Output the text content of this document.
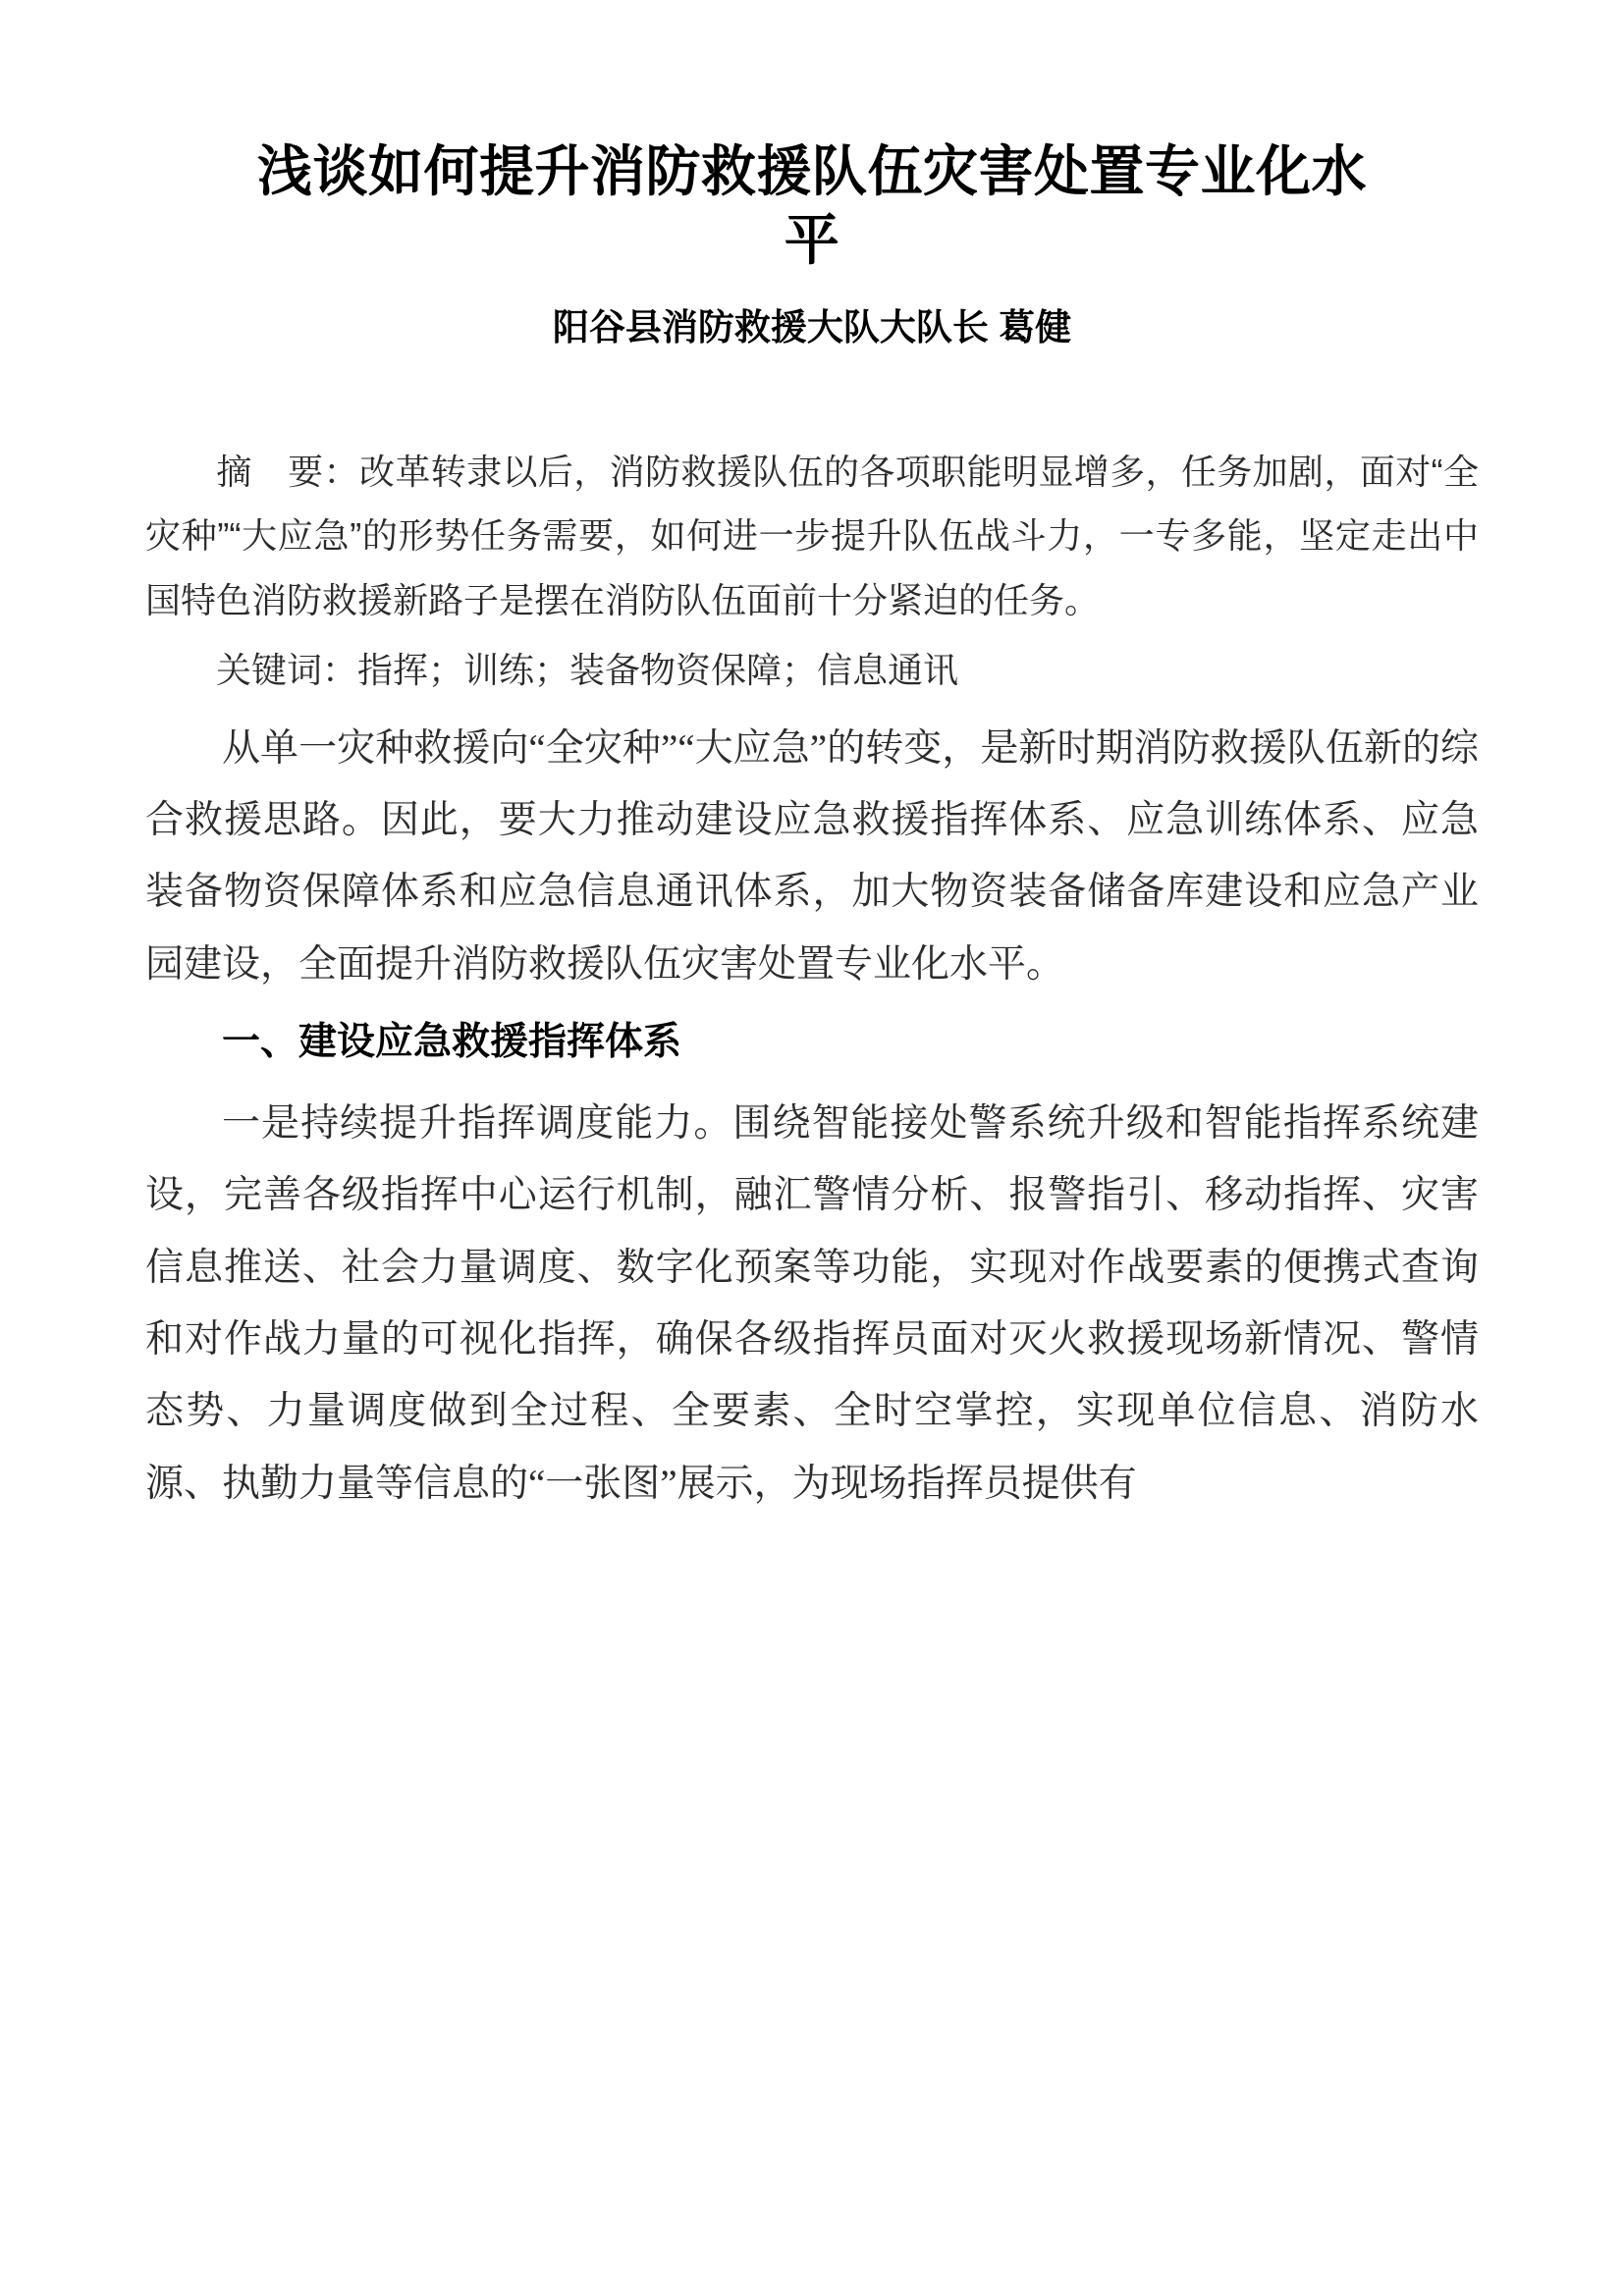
浅谈如何提升消防救援队伍灾害处置专业化水
平
阳谷县消防救援大队大队长 葛健

摘　要：改革转隶以后，消防救援队伍的各项职能明显增多，任务加剧，面对“全灾种”“大应急”的形势任务需要，如何进一步提升队伍战斗力，一专多能，坚定走出中国特色消防救援新路子是摆在消防队伍面前十分紧迫的任务。

关键词：指挥；训练；装备物资保障；信息通讯

从单一灾种救援向“全灾种”“大应急”的转变，是新时期消防救援队伍新的综合救援思路。因此，要大力推动建设应急救援指挥体系、应急训练体系、应急装备物资保障体系和应急信息通讯体系，加大物资装备储备库建设和应急产业园建设，全面提升消防救援队伍灾害处置专业化水平。

一、建设应急救援指挥体系

一是持续提升指挥调度能力。围绕智能接处警系统升级和智能指挥系统建设，完善各级指挥中心运行机制，融汇警情分析、报警指引、移动指挥、灾害信息推送、社会力量调度、数字化预案等功能，实现对作战要素的便携式查询和对作战力量的可视化指挥，确保各级指挥员面对灭火救援现场新情况、警情态势、力量调度做到全过程、全要素、全时空掌控，实现单位信息、消防水源、执勤力量等信息的“一张图”展示，为现场指挥员提供有
